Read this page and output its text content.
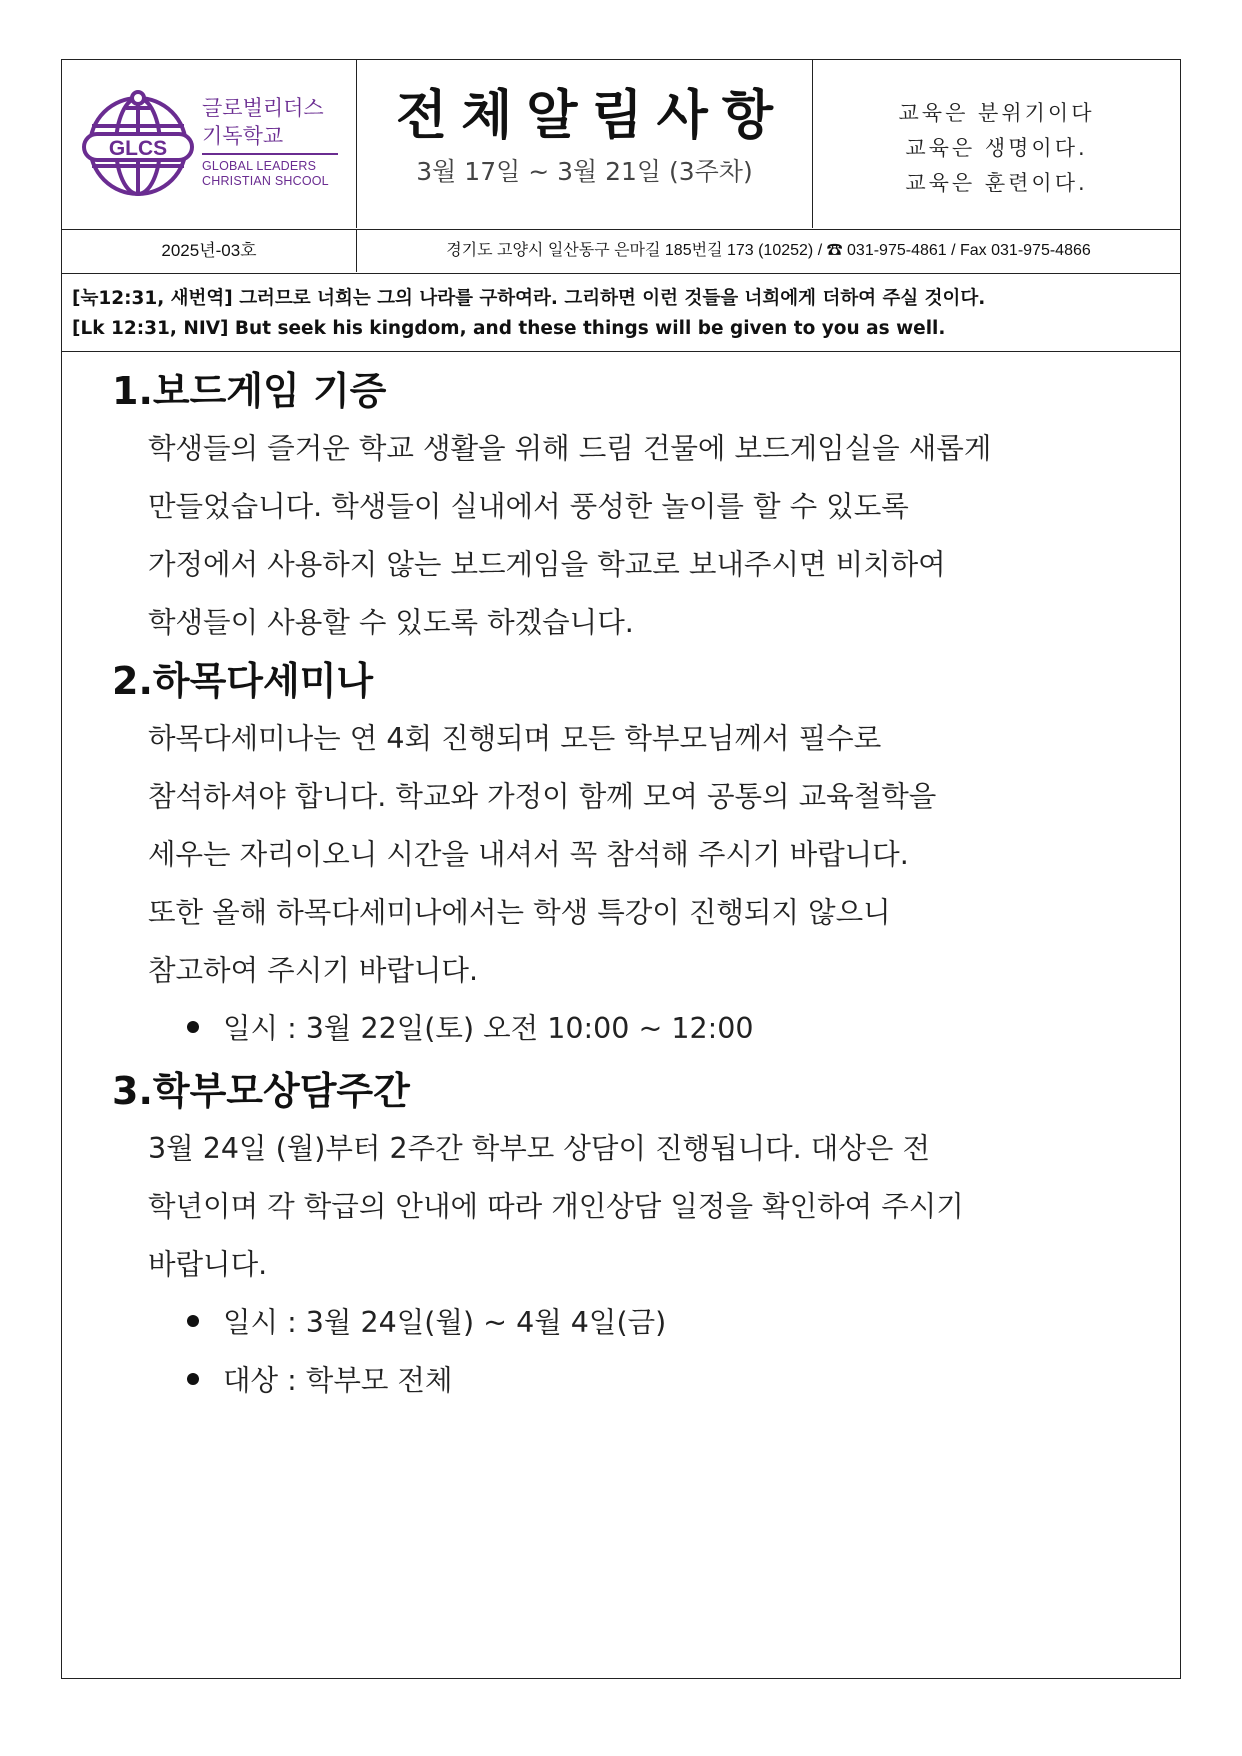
GLCS
글로벌리더스
기독학교
GLOBAL LEADERS
CHRISTIAN SHCOOL
전체알림사항
3월 17일 ~ 3월 21일 (3주차)
교육은 분위기이다
교육은 생명이다.
교육은 훈련이다.
2025년-03호	경기도 고양시 일산동구 은마길 185번길 173 (10252) / ☎ 031-975-4861 / Fax 031-975-4866
[눅12:31, 새번역] 그러므로 너희는 그의 나라를 구하여라. 그리하면 이런 것들을 너희에게 더하여 주실 것이다.
[Lk 12:31, NIV] But seek his kingdom, and these things will be given to you as well.
1.보드게임 기증
학생들의 즐거운 학교 생활을 위해 드림 건물에 보드게임실을 새롭게
만들었습니다. 학생들이 실내에서 풍성한 놀이를 할 수 있도록
가정에서 사용하지 않는 보드게임을 학교로 보내주시면 비치하여
학생들이 사용할 수 있도록 하겠습니다.
2.하목다세미나
하목다세미나는 연 4회 진행되며 모든 학부모님께서 필수로
참석하셔야 합니다. 학교와 가정이 함께 모여 공통의 교육철학을
세우는 자리이오니 시간을 내셔서 꼭 참석해 주시기 바랍니다.
또한 올해 하목다세미나에서는 학생 특강이 진행되지 않으니
참고하여 주시기 바랍니다.
일시 : 3월 22일(토) 오전 10:00 ~ 12:00
3.학부모상담주간
3월 24일 (월)부터 2주간 학부모 상담이 진행됩니다. 대상은 전
학년이며 각 학급의 안내에 따라 개인상담 일정을 확인하여 주시기
바랍니다.
일시 : 3월 24일(월) ~ 4월 4일(금)
대상 : 학부모 전체
